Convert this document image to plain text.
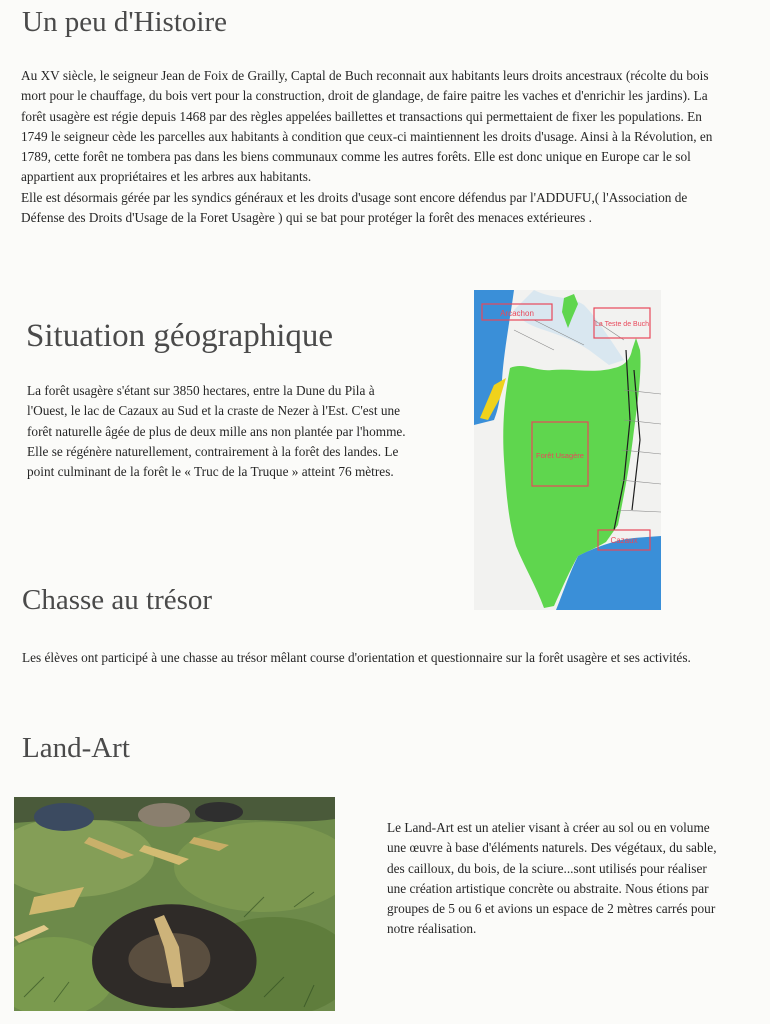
Un peu d'Histoire

Au XV siècle, le seigneur Jean de Foix de Grailly, Captal de Buch reconnait aux habitants leurs droits ancestraux (récolte du bois mort pour le chauffage, du bois vert pour la construction, droit de glandage, de faire paitre les vaches et d'enrichir les jardins). La forêt usagère est régie depuis 1468 par des règles appelées baillettes et transactions qui permettaient de fixer les populations. En 1749 le seigneur cède les parcelles aux habitants à condition que ceux-ci maintiennent les droits d'usage. Ainsi à la Révolution, en 1789, cette forêt ne tombera pas dans les biens communaux comme les autres forêts. Elle est donc unique en Europe car le sol appartient aux propriétaires et les arbres aux habitants.
Elle est désormais gérée par les syndics généraux et les droits d'usage sont encore défendus par l'ADDUFU,( l'Association de Défense des Droits d'Usage de la Foret Usagère ) qui se bat pour protéger la forêt des menaces extérieures .

Situation géographique

La forêt usagère s'étant sur 3850 hectares, entre la Dune du Pila à l'Ouest, le lac de Cazaux au Sud et la craste de Nezer à l'Est. C'est une forêt naturelle âgée de plus de deux mille ans non plantée par l'homme. Elle se régénère naturellement, contrairement à la forêt des landes. Le point culminant de la forêt le « Truc de la Truque » atteint 76 mètres.

Arcachon
La Teste de Buch
Forêt Usagère
Cazaux
Chasse au trésor

Les élèves ont participé à une chasse au trésor mêlant course d'orientation et questionnaire sur la forêt usagère et ses activités.

Land-Art

Le Land-Art est un atelier visant à créer au sol ou en volume une œuvre à base d'éléments naturels. Des végétaux, du sable, des cailloux, du bois, de la sciure...sont utilisés pour réaliser une création artistique concrète ou abstraite. Nous étions par groupes de 5 ou 6 et avions un espace de 2 mètres carrés pour notre réalisation.
